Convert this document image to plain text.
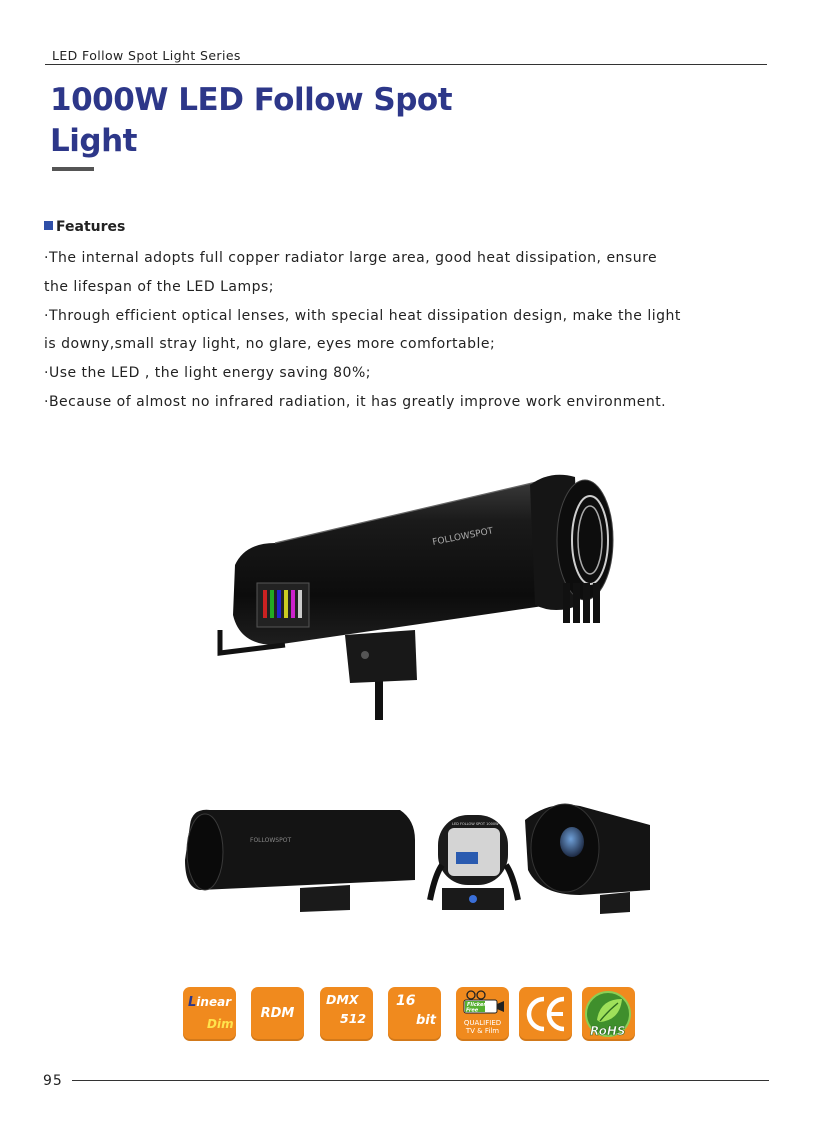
LED Follow Spot Light Series
1000W LED Follow Spot
Light
Features

·The internal adopts full copper radiator large area, good heat dissipation, ensure

the lifespan of the LED Lamps;

·Through efficient optical lenses, with special heat dissipation design, make the light

is downy,small stray light, no glare, eyes more comfortable;

·Use the LED , the light energy saving 80%;

·Because of almost no infrared radiation, it has greatly improve work environment.

FOLLOWSPOT
FOLLOWSPOT
LED FOLLOW SPOT 1000W
Linear
Dim
RDM
DMX
512
16
bit
Flicker
Free
QUALIFIED
TV & Film	RoHS
95
